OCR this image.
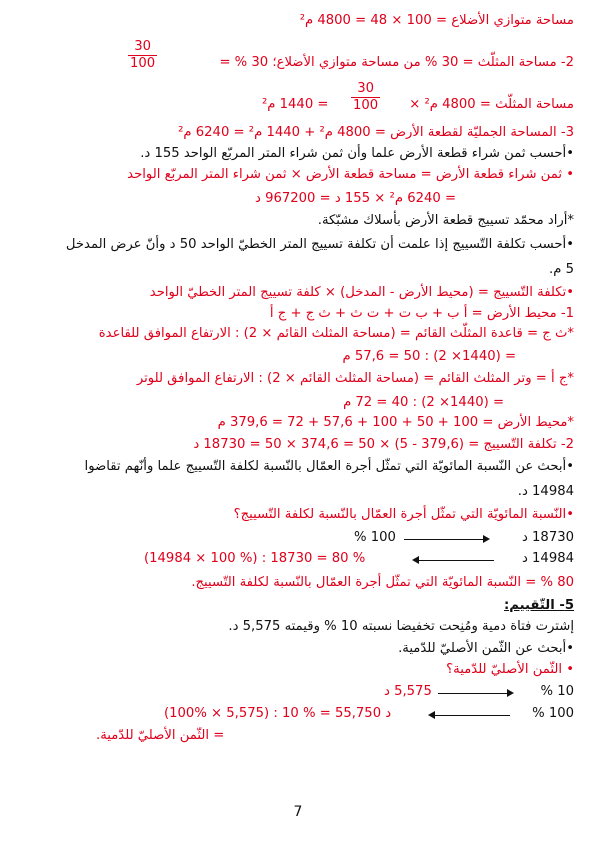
مساحة متوازي الأضلاع = 100 × 48 = 4800 م²
2- مساحة المثلّث = 30 % من مساحة متوازي الأضلاع؛ 30 % =
$\frac{30}{100}$
مساحة المثلّث = 4800 م² ×
$\frac{30}{100}$
= 1440 م²
3- المساحة الجمليّة لقطعة الأرض = 4800 م² + 1440 م² = 6240 م²
•أحسب ثمن شراء قطعة الأرض علما وأن ثمن شراء المتر المربّع الواحد 155 د.
• ثمن شراء قطعة الأرض = مساحة قطعة الأرض × ثمن شراء المتر المربّع الواحد
= 6240 م² × 155 د = 967200 د
*أراد محمّد تسييج قطعة الأرض بأسلاك مشبّكة.
•أحسب تكلفة التّسييج إذا علمت أن تكلفة تسييج المتر الخطيّ الواحد 50 د وأنّ عرض المدخل
5 م.
•تكلفة التّسييج = (محيط الأرض - المدخل) × كلفة تسييج المتر الخطيّ الواحد
1- محيط الأرض = أ ب + ب ت + ت ث + ث ج + ج أ
*ث ج = قاعدة المثلّث القائم = (مساحة المثلث القائم × 2) : الارتفاع الموافق للقاعدة
= (1440× 2) : 50 = 57,6 م
*ج أ = وتر المثلث القائم = (مساحة المثلث القائم × 2) : الارتفاع الموافق للوتر
= (1440× 2) : 40 = 72 م
*محيط الأرض = 100 + 50 + 100 + 57,6 + 72 = 379,6 م
2- تكلفة التّسييج = (379,6 - 5) × 50 = 374,6 × 50 = 18730 د
•أبحث عن النّسبة المائويّة التي تمثّل أجرة العمّال بالنّسبة لكلفة التّسييج علما وأنّهم تقاضوا
14984 د.
•النّسبة المائويّة التي تمثّل أجرة العمّال بالنّسبة لكلفة التّسييج؟
18730 د
100 %
14984 د
(14984 × 100 %) : 18730 = 80 %
80 % = النّسبة المائويّة التي تمثّل أجرة العمّال بالنّسبة لكلفة التّسييج.
5- التّقييم:
إشترت فتاة دمية ومُنِحت تخفيضا نسبته 10 % وقيمته 5,575 د.
•أبحث عن الثّمن الأصليّ للدّمية.
• الثّمن الأصليّ للدّمية؟
10 %
5,575 د
100 %
(100% × 5,575) : 10 % = 55,750 د
= الثّمن الأصليّ للدّمية.
7
